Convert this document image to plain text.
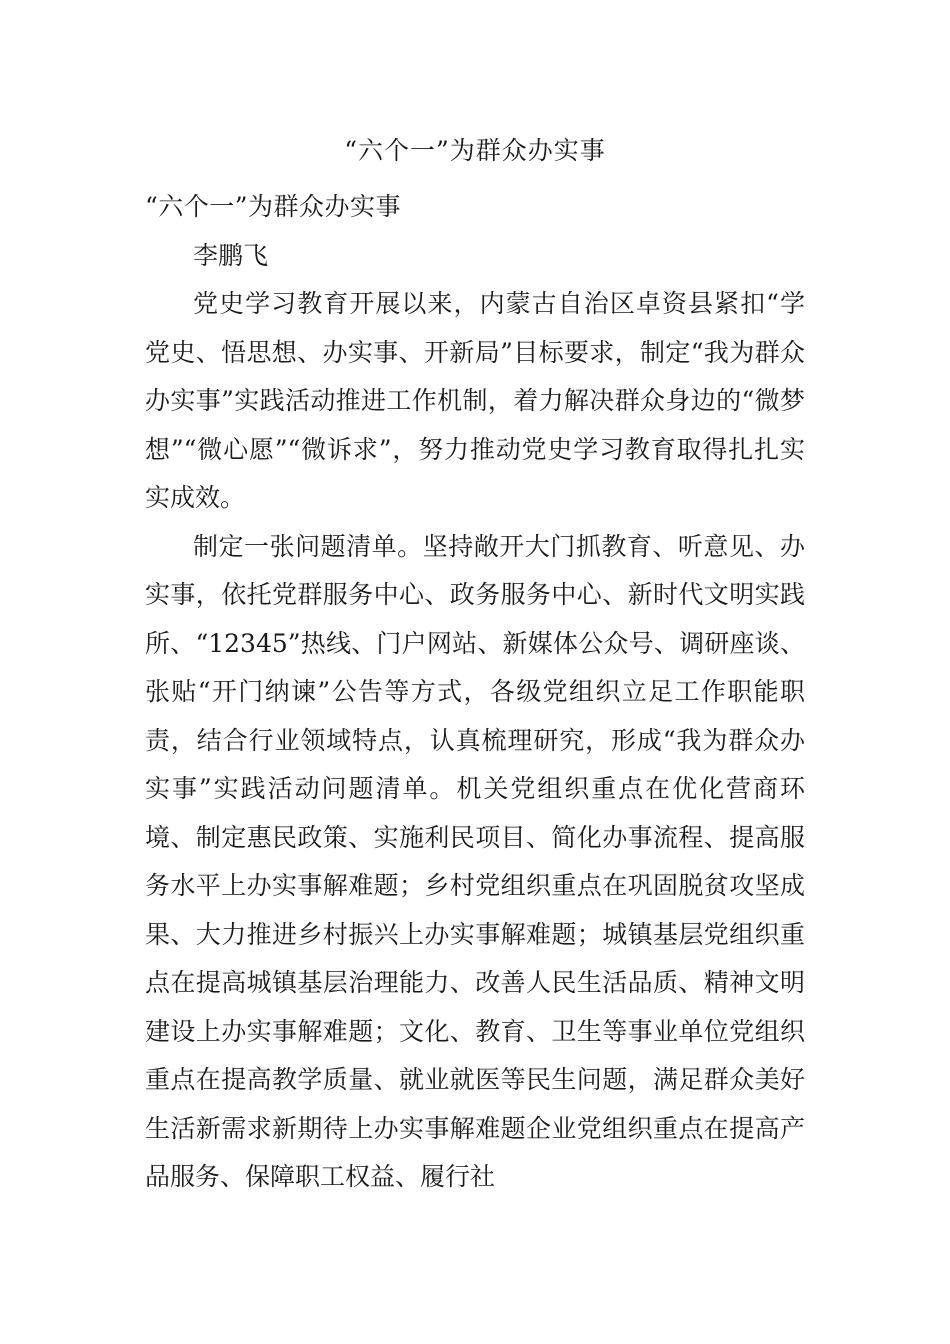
“六个一”为群众办实事

“六个一”为群众办实事

李鹏飞

党史学习教育开展以来，内蒙古自治区卓资县紧扣“学党史、悟思想、办实事、开新局”目标要求，制定“我为群众办实事”实践活动推进工作机制，着力解决群众身边的“微梦想”“微心愿”“微诉求”，努力推动党史学习教育取得扎扎实实成效。

制定一张问题清单。坚持敞开大门抓教育、听意见、办实事，依托党群服务中心、政务服务中心、新时代文明实践所、“12345”热线、门户网站、新媒体公众号、调研座谈、张贴“开门纳谏”公告等方式，各级党组织立足工作职能职责，结合行业领域特点，认真梳理研究，形成“我为群众办实事”实践活动问题清单。机关党组织重点在优化营商环境、制定惠民政策、实施利民项目、简化办事流程、提高服务水平上办实事解难题；乡村党组织重点在巩固脱贫攻坚成果、大力推进乡村振兴上办实事解难题；城镇基层党组织重点在提高城镇基层治理能力、改善人民生活品质、精神文明建设上办实事解难题；文化、教育、卫生等事业单位党组织重点在提高教学质量、就业就医等民生问题，满足群众美好生活新需求新期待上办实事解难题企业党组织重点在提高产品服务、保障职工权益、履行社
